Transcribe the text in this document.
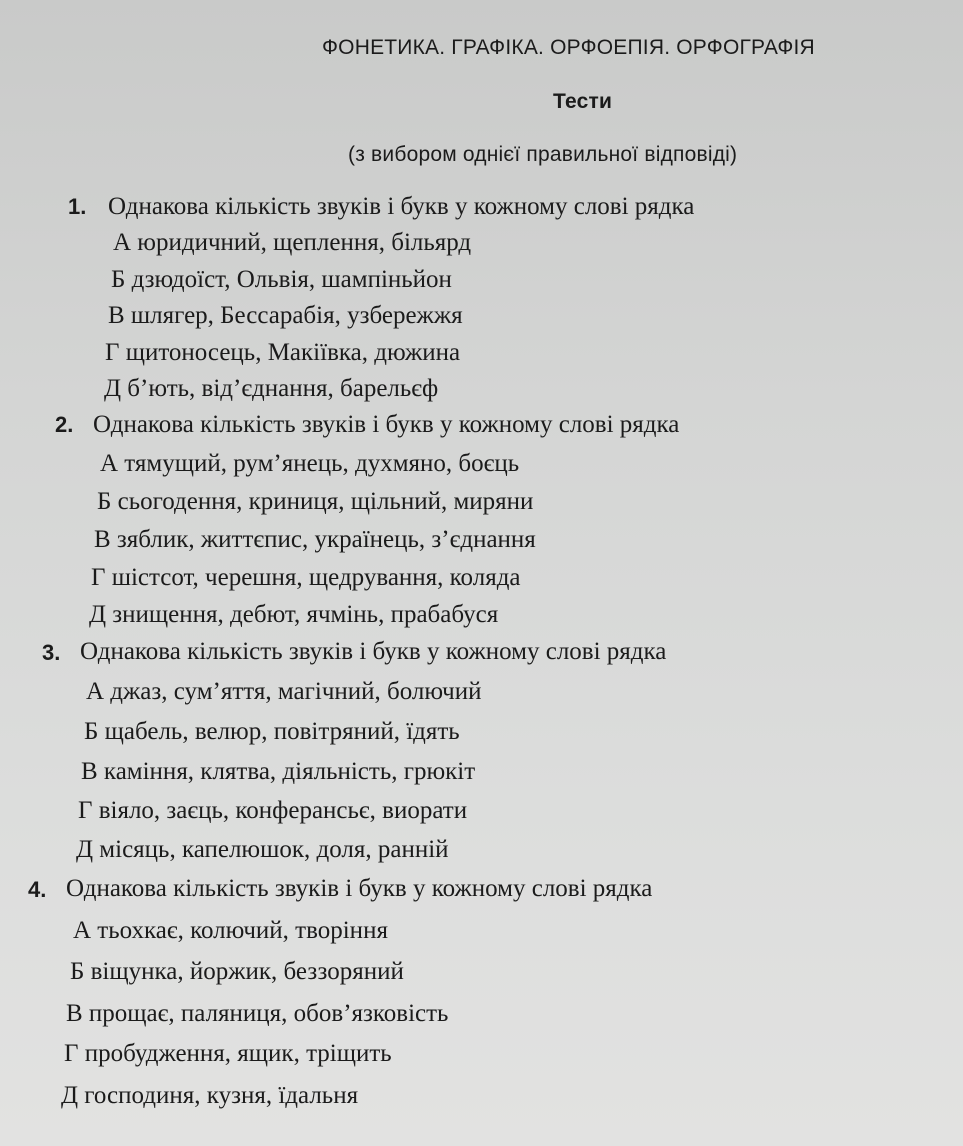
ФОНЕТИКА. ГРАФІКА. ОРФОЕПІЯ. ОРФОГРАФІЯ
Тести
(з вибором однієї правильної відповіді)
1. Однакова кількість звуків і букв у кожному слові рядка
А юридичний, щеплення, більярд
Б дзюдоїст, Ольвія, шампіньйон
В шлягер, Бессарабія, узбережжя
Г щитоносець, Макіївка, дюжина
Д б’ють, від’єднання, барельєф
2. Однакова кількість звуків і букв у кожному слові рядка
А тямущий, рум’янець, духмяно, боєць
Б сьогодення, криниця, щільний, миряни
В зяблик, життєпис, українець, з’єднання
Г шістсот, черешня, щедрування, коляда
Д знищення, дебют, ячмінь, прабабуся
3. Однакова кількість звуків і букв у кожному слові рядка
А джаз, сум’яття, магічний, болючий
Б щабель, велюр, повітряний, їдять
В каміння, клятва, діяльність, грюкіт
Г віяло, заєць, конферансьє, виорати
Д місяць, капелюшок, доля, ранній
4. Однакова кількість звуків і букв у кожному слові рядка
А тьохкає, колючий, творіння
Б віщунка, йоржик, беззоряний
В прощає, паляниця, обов’язковість
Г пробудження, ящик, тріщить
Д господиня, кузня, їдальня
